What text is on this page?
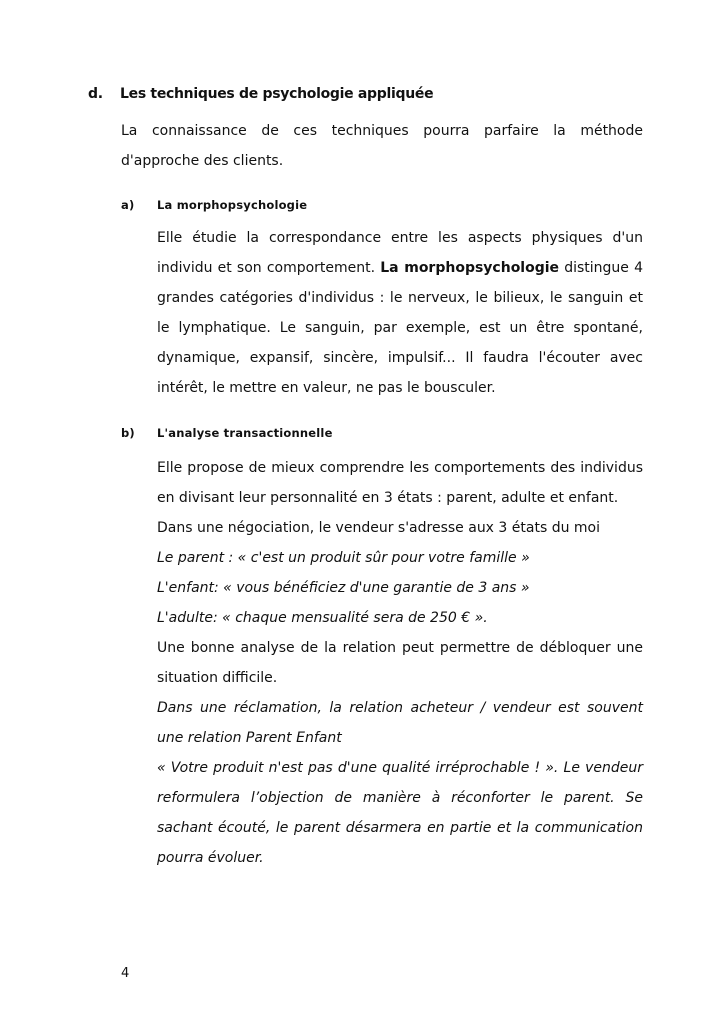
d. Les techniques de psychologie appliquée
La connaissance de ces techniques pourra parfaire la méthode d'approche des clients.
a) La morphopsychologie

Elle étudie la correspondance entre les aspects physiques d'un individu et son comportement. La morphopsychologie distingue 4 grandes catégories d'individus : le nerveux, le bilieux, le sanguin et le lymphatique. Le sanguin, par exemple, est un être spontané, dynamique, expansif, sincère, impulsif... Il faudra l'écouter avec intérêt, le mettre en valeur, ne pas le bousculer.

b) L'analyse transactionnelle

Elle propose de mieux comprendre les comportements des individus en divisant leur personnalité en 3 états : parent, adulte et enfant.

Dans une négociation, le vendeur s'adresse aux 3 états du moi

Le parent : « c'est un produit sûr pour votre famille »

L'enfant: « vous bénéficiez d'une garantie de 3 ans »

L'adulte: « chaque mensualité sera de 250 € ».

Une bonne analyse de la relation peut permettre de débloquer une situation difficile.

Dans une réclamation, la relation acheteur / vendeur est souvent une relation Parent Enfant

« Votre produit n'est pas d'une qualité irréprochable ! ». Le vendeur reformulera l’objection de manière à réconforter le parent. Se sachant écouté, le parent désarmera en partie et la communication pourra évoluer.

4
